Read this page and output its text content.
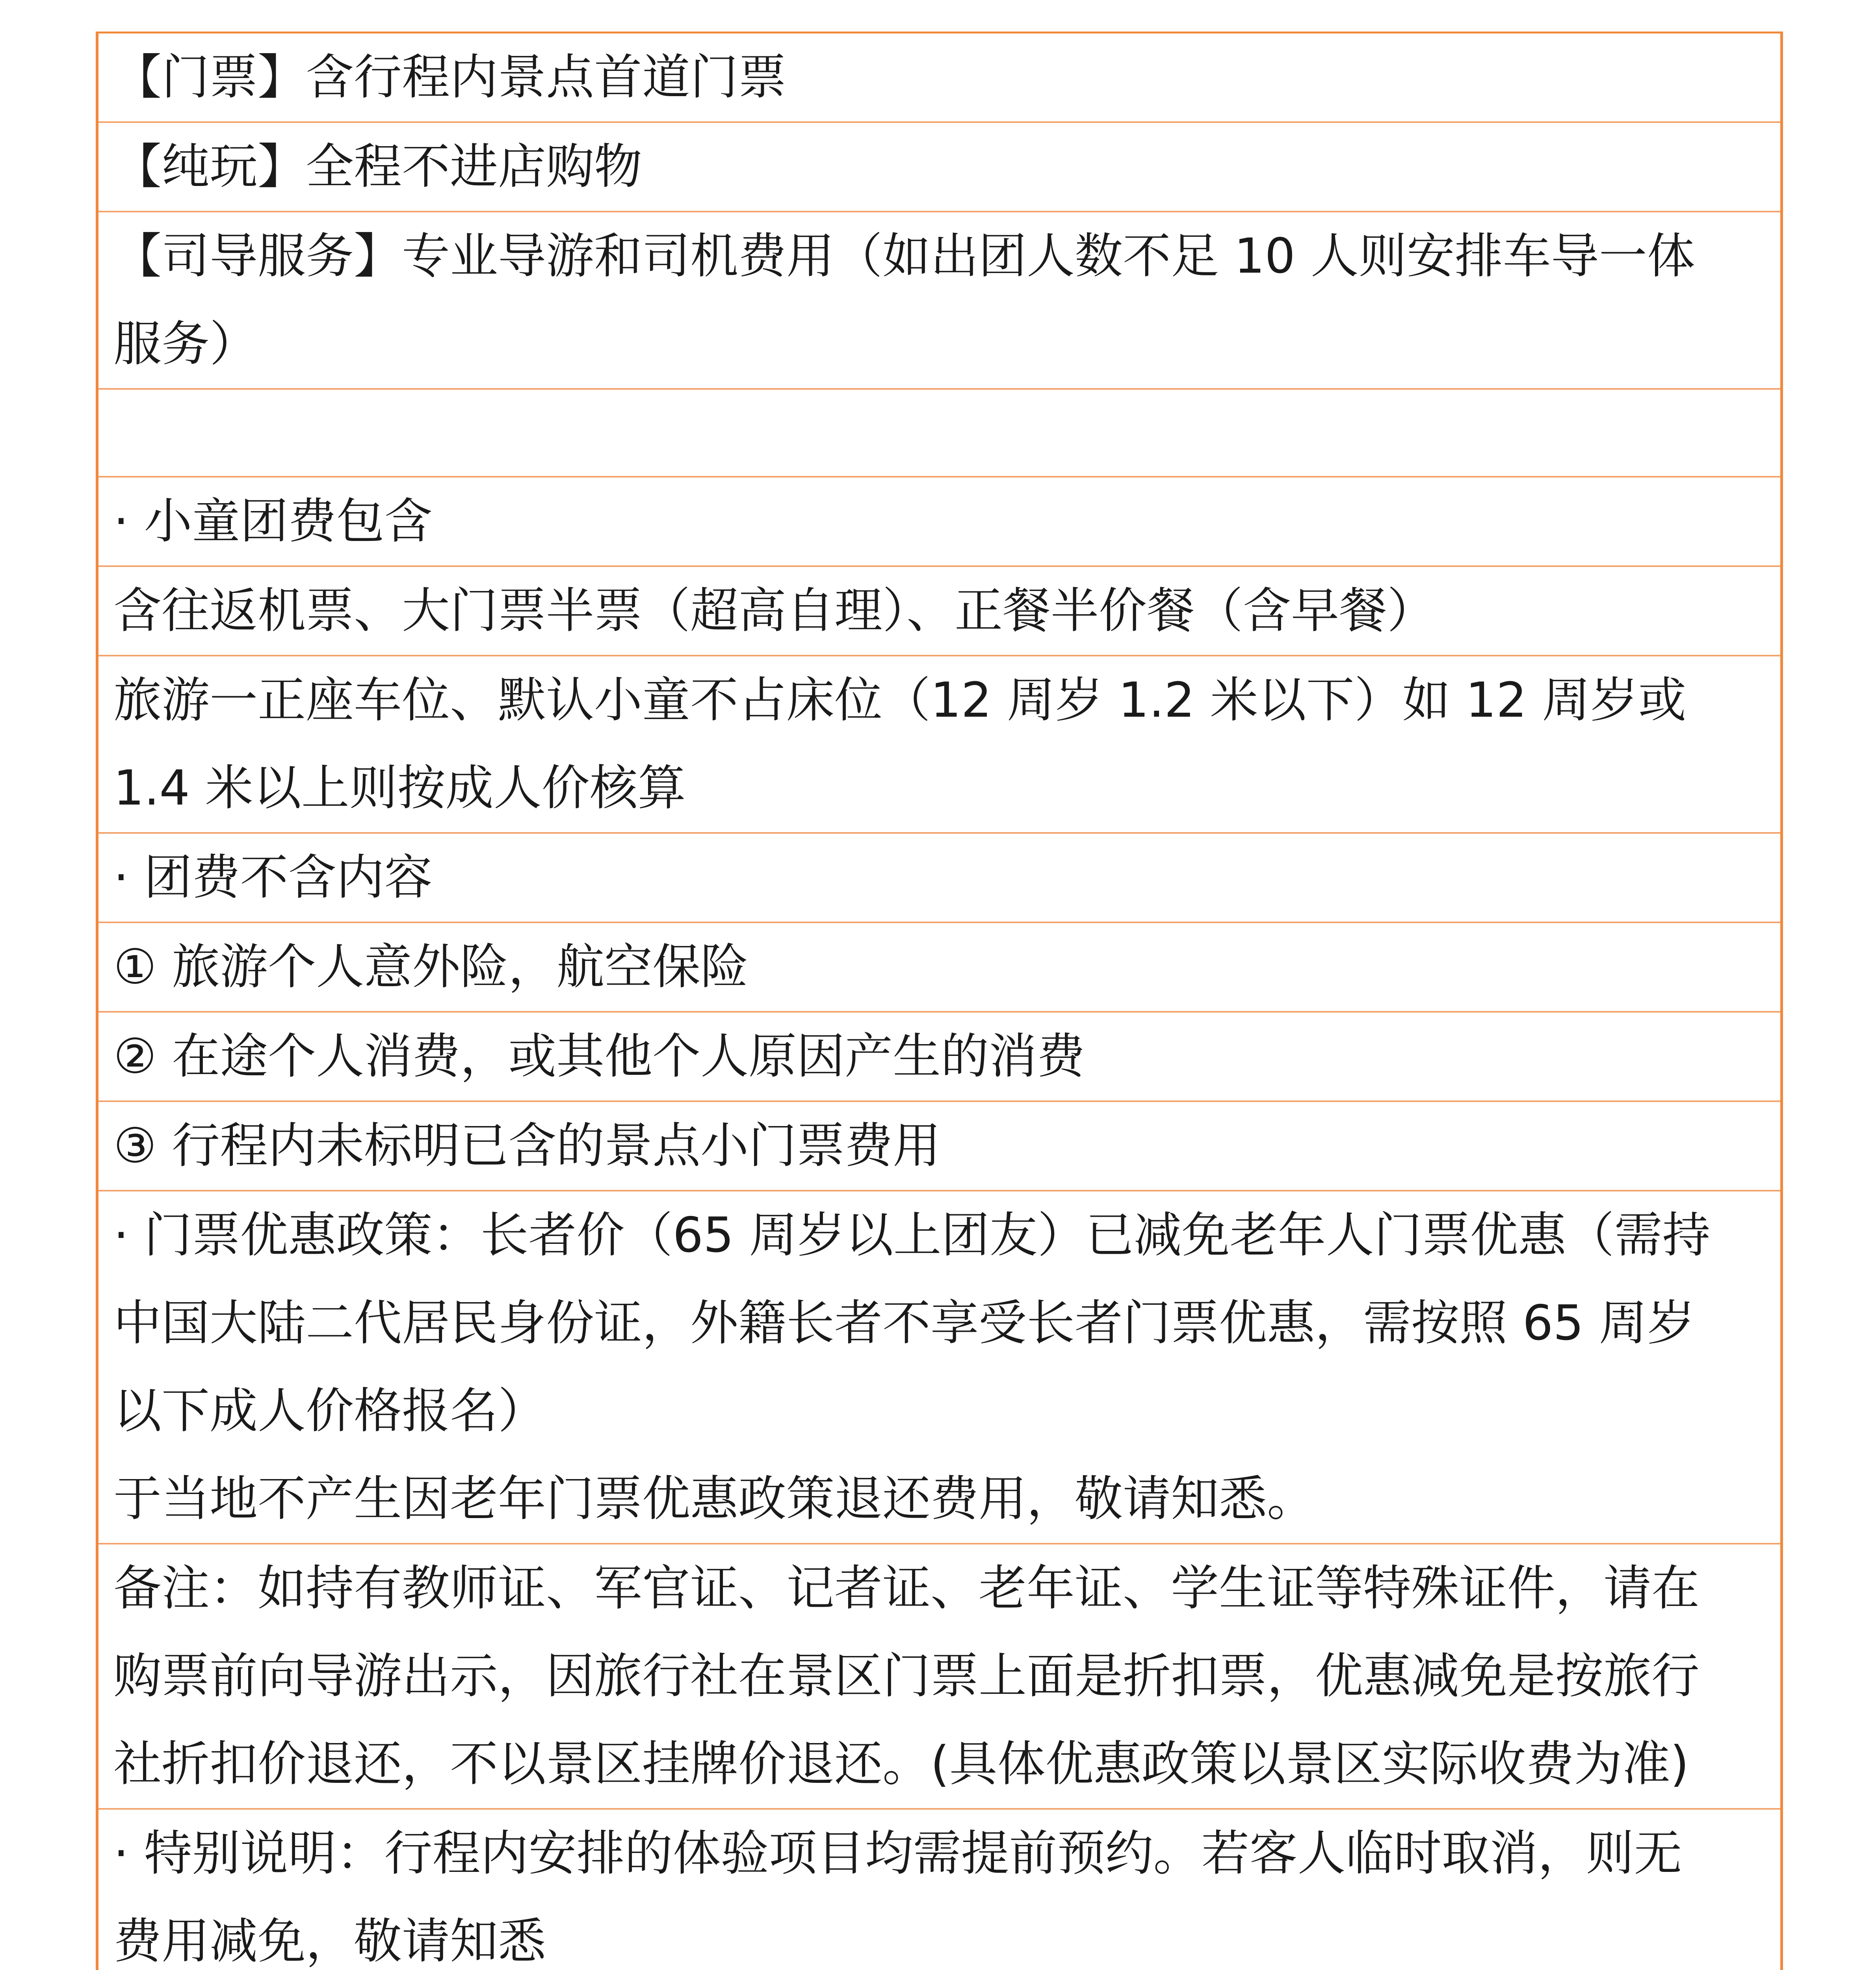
【门票】含行程内景点首道门票

【纯玩】全程不进店购物

【司导服务】专业导游和司机费用（如出团人数不足 10 人则安排车导一体
服务）

· 小童团费包含

含往返机票、大门票半票（超高自理）、正餐半价餐（含早餐）

旅游一正座车位、默认小童不占床位（12 周岁 1.2 米以下）如 12 周岁或
1.4 米以上则按成人价核算

· 团费不含内容

① 旅游个人意外险，航空保险

② 在途个人消费，或其他个人原因产生的消费

③ 行程内未标明已含的景点小门票费用

· 门票优惠政策：长者价（65 周岁以上团友）已减免老年人门票优惠（需持
中国大陆二代居民身份证，外籍长者不享受长者门票优惠，需按照 65 周岁
以下成人价格报名）
于当地不产生因老年门票优惠政策退还费用，敬请知悉。

备注：如持有教师证、军官证、记者证、老年证、学生证等特殊证件，请在
购票前向导游出示，因旅行社在景区门票上面是折扣票，优惠减免是按旅行
社折扣价退还，不以景区挂牌价退还。(具体优惠政策以景区实际收费为准)

· 特别说明：行程内安排的体验项目均需提前预约。若客人临时取消，则无
费用减免，敬请知悉
